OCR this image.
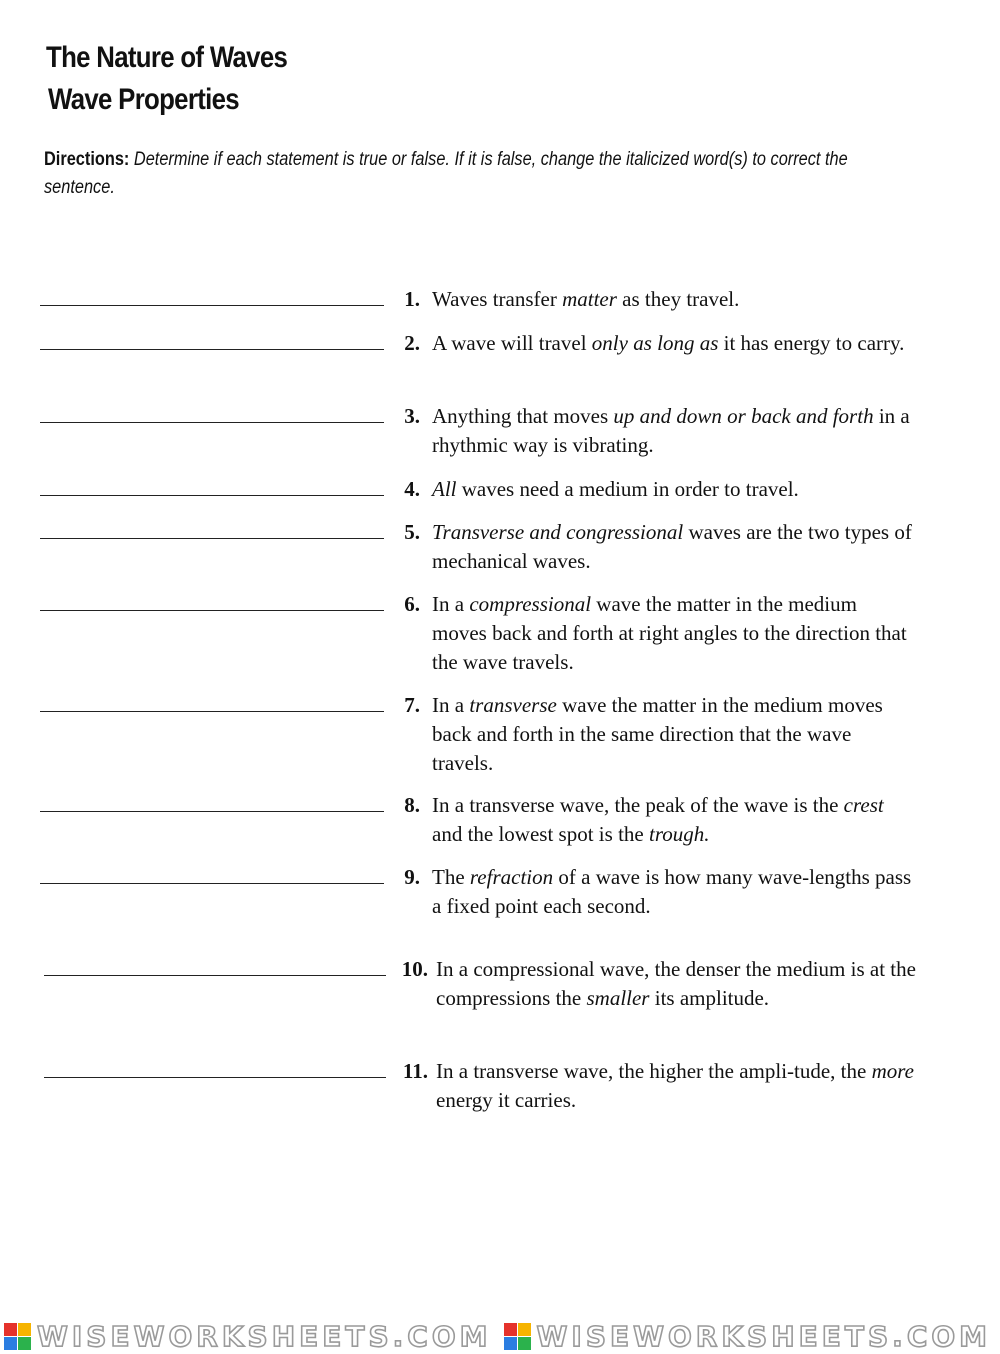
The Nature of Waves
Wave Properties
Directions: Determine if each statement is true or false. If it is false, change the italicized word(s) to correct the sentence.
1. Waves transfer matter as they travel.
2. A wave will travel only as long as it has energy to carry.
3. Anything that moves up and down or back and forth in a rhythmic way is vibrating.
4. All waves need a medium in order to travel.
5. Transverse and congressional waves are the two types of mechanical waves.
6. In a compressional wave the matter in the medium moves back and forth at right angles to the direction that the wave travels.
7. In a transverse wave the matter in the medium moves back and forth in the same direction that the wave travels.
8. In a transverse wave, the peak of the wave is the crest and the lowest spot is the trough.
9. The refraction of a wave is how many wave-lengths pass a fixed point each second.
10. In a compressional wave, the denser the medium is at the compressions the smaller its amplitude.
11. In a transverse wave, the higher the ampli-tude, the more energy it carries.
WISEWORKSHEETS.COM WISEWORKSHEETS.COM
